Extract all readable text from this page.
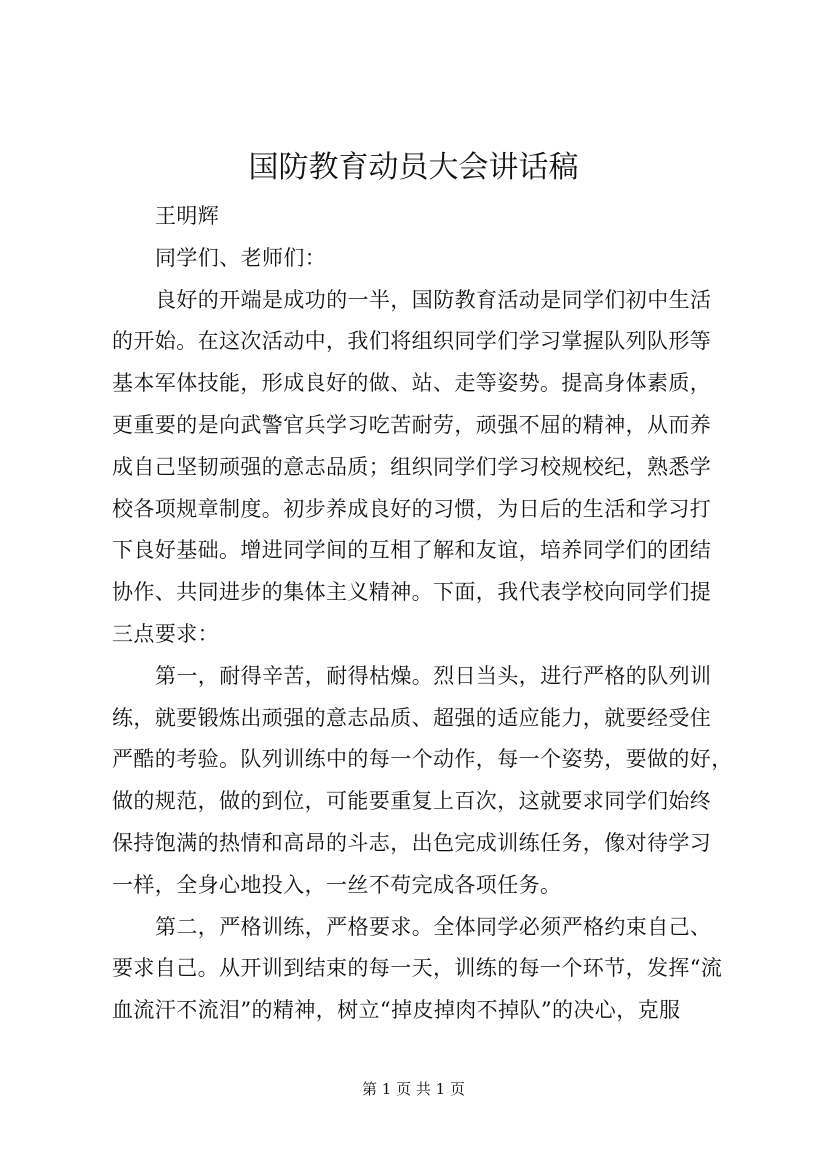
国防教育动员大会讲话稿
王明辉
同学们、老师们：
良好的开端是成功的一半，国防教育活动是同学们初中生活
的开始。在这次活动中，我们将组织同学们学习掌握队列队形等
基本军体技能，形成良好的做、站、走等姿势。提高身体素质，
更重要的是向武警官兵学习吃苦耐劳，顽强不屈的精神，从而养
成自己坚韧顽强的意志品质；组织同学们学习校规校纪，熟悉学
校各项规章制度。初步养成良好的习惯，为日后的生活和学习打
下良好基础。增进同学间的互相了解和友谊，培养同学们的团结
协作、共同进步的集体主义精神。下面，我代表学校向同学们提
三点要求：
第一，耐得辛苦，耐得枯燥。烈日当头，进行严格的队列训
练，就要锻炼出顽强的意志品质、超强的适应能力，就要经受住
严酷的考验。队列训练中的每一个动作，每一个姿势，要做的好，
做的规范，做的到位，可能要重复上百次，这就要求同学们始终
保持饱满的热情和高昂的斗志，出色完成训练任务，像对待学习
一样，全身心地投入，一丝不苟完成各项任务。
第二，严格训练，严格要求。全体同学必须严格约束自己、
要求自己。从开训到结束的每一天，训练的每一个环节，发挥“流
血流汗不流泪”的精神，树立“掉皮掉肉不掉队”的决心，克服
第 1 页 共 1 页
